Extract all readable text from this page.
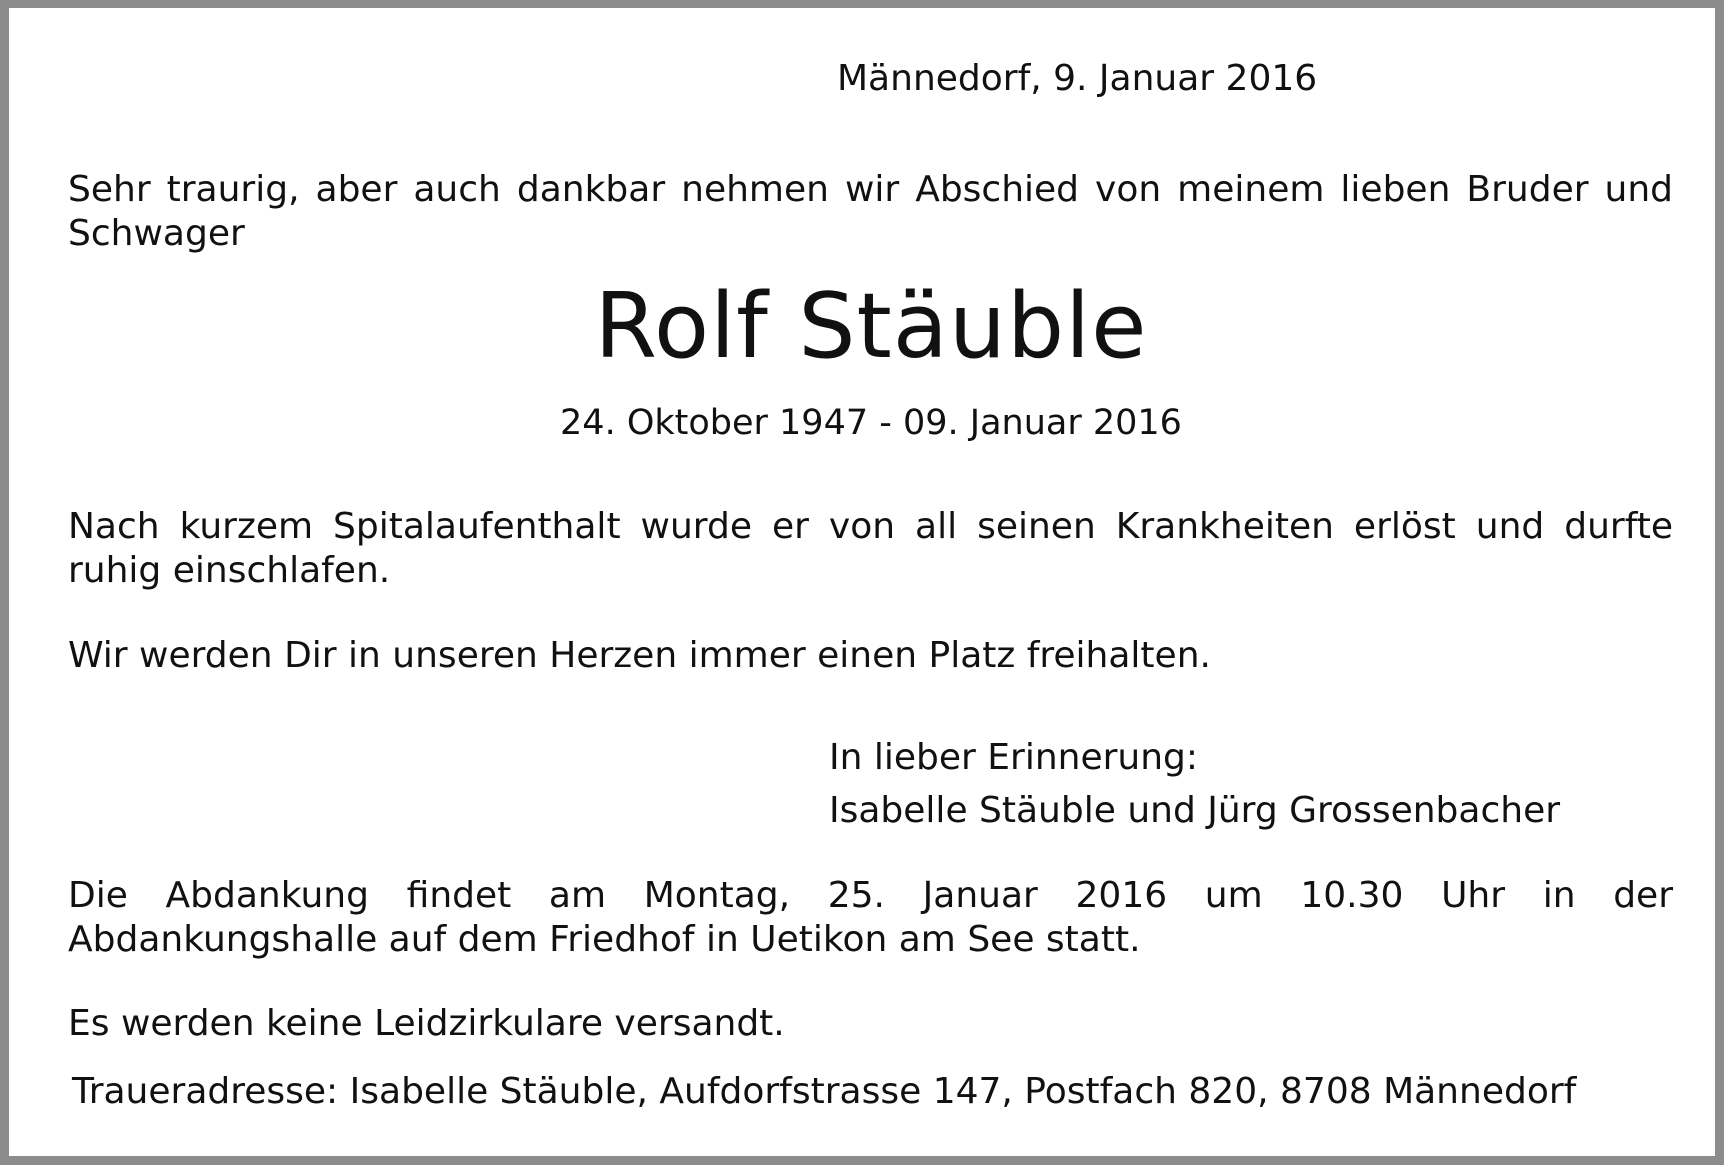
Männedorf, 9. Januar 2016

Sehr traurig, aber auch dankbar nehmen wir Abschied von meinem lieben Bruder und Schwager

Rolf Stäuble

24. Oktober 1947 - 09. Januar 2016

Nach kurzem Spitalaufenthalt wurde er von all seinen Krankheiten erlöst und durfte ruhig einschlafen.

Wir werden Dir in unseren Herzen immer einen Platz freihalten.

In lieber Erinnerung:

Isabelle Stäuble und Jürg Grossenbacher

Die Abdankung findet am Montag, 25. Januar 2016 um 10.30 Uhr in der Abdankungshalle auf dem Friedhof in Uetikon am See statt.

Es werden keine Leidzirkulare versandt.

Traueradresse: Isabelle Stäuble, Aufdorfstrasse 147, Postfach 820, 8708 Männedorf
